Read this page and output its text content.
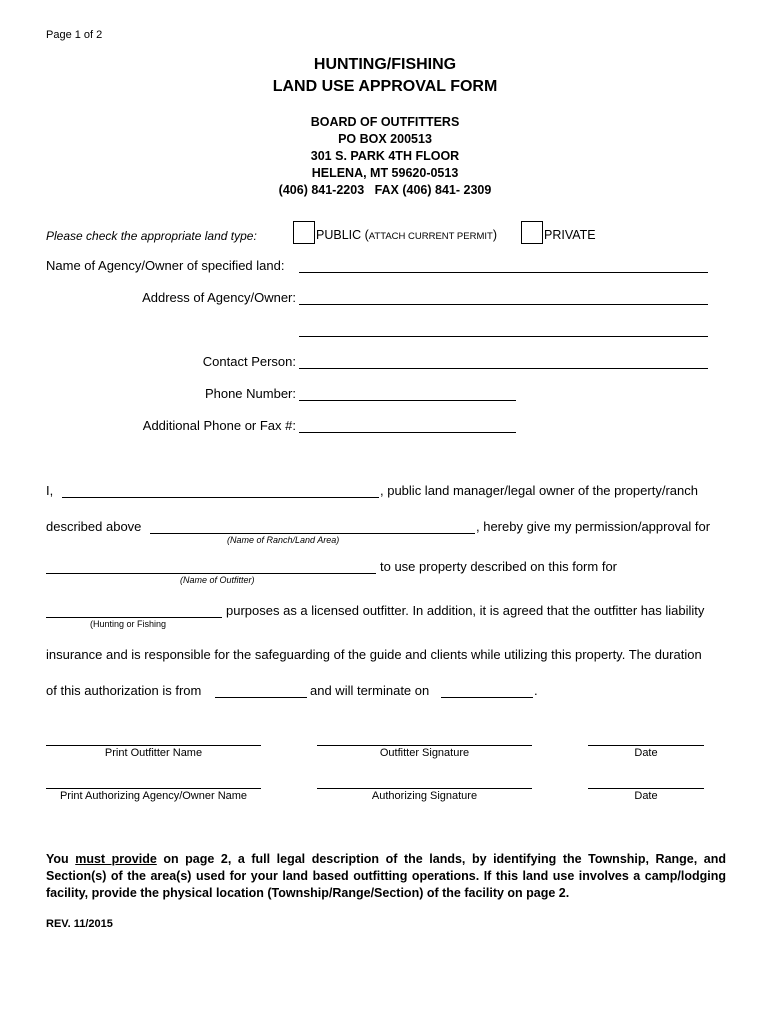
Page 1 of 2
HUNTING/FISHING
LAND USE APPROVAL FORM
BOARD OF OUTFITTERS
PO BOX 200513
301 S. PARK 4TH FLOOR
HELENA, MT 59620-0513
(406) 841-2203   FAX (406) 841- 2309
Please check the appropriate land type:	PUBLIC (ATTACH CURRENT PERMIT)	PRIVATE
Name of Agency/Owner of specified land:
Address of Agency/Owner:
Contact Person:
Phone Number:
Additional Phone or Fax #:
I,	, public land manager/legal owner of the property/ranch
described above	, hereby give my permission/approval for
(Name of Ranch/Land Area)
to use property described on this form for
(Name of Outfitter)
purposes as a licensed outfitter. In addition, it is agreed that the outfitter has liability
(Hunting or Fishing
insurance and is responsible for the safeguarding of the guide and clients while utilizing this property. The duration
of this authorization is from	and will terminate on	.
Print Outfitter Name	Outfitter Signature	Date
Print Authorizing Agency/Owner Name	Authorizing Signature	Date
You must provide on page 2, a full legal description of the lands, by identifying the Township, Range, and Section(s) of the area(s) used for your land based outfitting operations. If this land use involves a camp/lodging facility, provide the physical location (Township/Range/Section) of the facility on page 2.
REV. 11/2015
